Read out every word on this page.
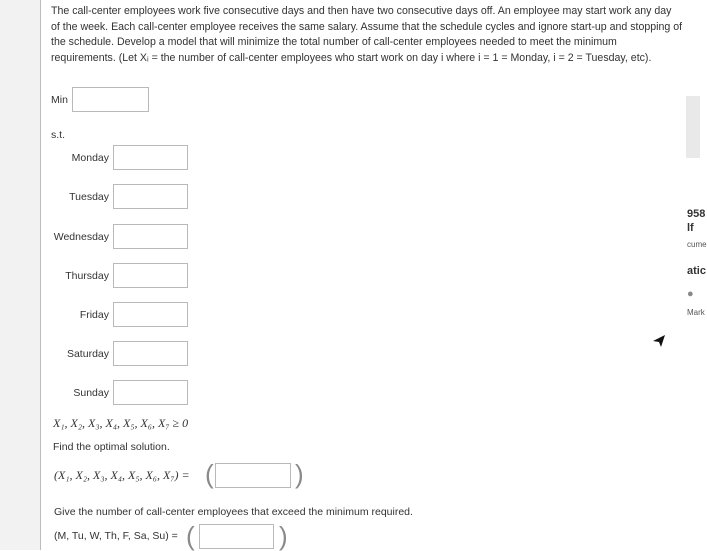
The call-center employees work five consecutive days and then have two consecutive days off. An employee may start work any day of the week. Each call-center employee receives the same salary. Assume that the schedule cycles and ignore start-up and stopping of the schedule. Develop a model that will minimize the total number of call-center employees needed to meet the minimum requirements. (Let Xᵢ = the number of call-center employees who start work on day i where i = 1 = Monday, i = 2 = Tuesday, etc).
Min
s.t.
Monday
Tuesday
Wednesday
Thursday
Friday
Saturday
Sunday
X₁, X₂, X₃, X₄, X₅, X₆, X₇ ≥ 0
Find the optimal solution.
(X₁, X₂, X₃, X₄, X₅, X₆, X₇) = (	)
Give the number of call-center employees that exceed the minimum required.
(M, Tu, W, Th, F, Sa, Su) = (	)
958
lf
cume
atic
●
Mark
